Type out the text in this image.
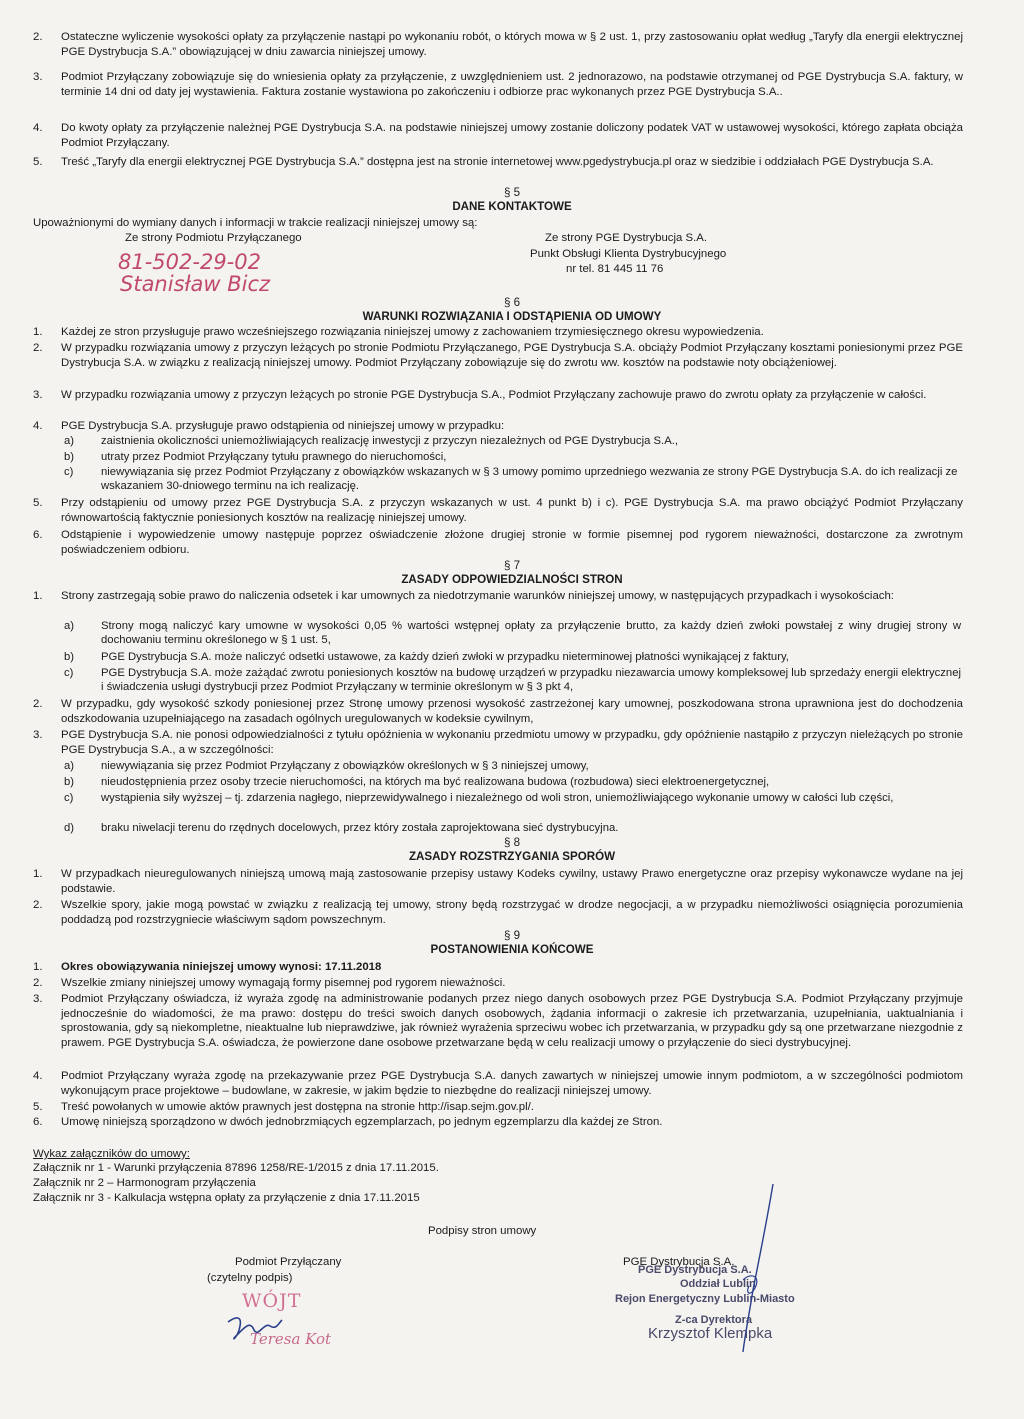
2. Ostateczne wyliczenie wysokości opłaty za przyłączenie nastąpi po wykonaniu robót, o których mowa w § 2 ust. 1, przy zastosowaniu opłat według „Taryfy dla energii elektrycznej PGE Dystrybucja S.A.” obowiązującej w dniu zawarcia niniejszej umowy.
3. Podmiot Przyłączany zobowiązuje się do wniesienia opłaty za przyłączenie, z uwzględnieniem ust. 2 jednorazowo, na podstawie otrzymanej od PGE Dystrybucja S.A. faktury, w terminie 14 dni od daty jej wystawienia. Faktura zostanie wystawiona po zakończeniu i odbiorze prac wykonanych przez PGE Dystrybucja S.A..
4. Do kwoty opłaty za przyłączenie należnej PGE Dystrybucja S.A. na podstawie niniejszej umowy zostanie doliczony podatek VAT w ustawowej wysokości, którego zapłata obciąża Podmiot Przyłączany.
5. Treść „Taryfy dla energii elektrycznej PGE Dystrybucja S.A.” dostępna jest na stronie internetowej www.pgedystrybucja.pl oraz w siedzibie i oddziałach PGE Dystrybucja S.A.
§ 5
DANE KONTAKTOWE
Upoważnionymi do wymiany danych i informacji w trakcie realizacji niniejszej umowy są:
Ze strony Podmiotu Przyłączanego
81-502-29-02
Stanisław Bicz
Ze strony PGE Dystrybucja S.A.
Punkt Obsługi Klienta Dystrybucyjnego
nr tel. 81 445 11 76
§ 6
WARUNKI ROZWIĄZANIA I ODSTĄPIENIA OD UMOWY
1. Każdej ze stron przysługuje prawo wcześniejszego rozwiązania niniejszej umowy z zachowaniem trzymiesięcznego okresu wypowiedzenia.
2. W przypadku rozwiązania umowy z przyczyn leżących po stronie Podmiotu Przyłączanego, PGE Dystrybucja S.A. obciąży Podmiot Przyłączany kosztami poniesionymi przez PGE Dystrybucja S.A. w związku z realizacją niniejszej umowy. Podmiot Przyłączany zobowiązuje się do zwrotu ww. kosztów na podstawie noty obciążeniowej.
3. W przypadku rozwiązania umowy z przyczyn leżących po stronie PGE Dystrybucja S.A., Podmiot Przyłączany zachowuje prawo do zwrotu opłaty za przyłączenie w całości.
4. PGE Dystrybucja S.A. przysługuje prawo odstąpienia od niniejszej umowy w przypadku:
a) zaistnienia okoliczności uniemożliwiających realizację inwestycji z przyczyn niezależnych od PGE Dystrybucja S.A.,
b) utraty przez Podmiot Przyłączany tytułu prawnego do nieruchomości,
c) niewywiązania się przez Podmiot Przyłączany z obowiązków wskazanych w § 3 umowy pomimo uprzedniego wezwania ze strony PGE Dystrybucja S.A. do ich realizacji ze wskazaniem 30-dniowego terminu na ich realizację.
5. Przy odstąpieniu od umowy przez PGE Dystrybucja S.A. z przyczyn wskazanych w ust. 4 punkt b) i c). PGE Dystrybucja S.A. ma prawo obciążyć Podmiot Przyłączany równowartością faktycznie poniesionych kosztów na realizację niniejszej umowy.
6. Odstąpienie i wypowiedzenie umowy następuje poprzez oświadczenie złożone drugiej stronie w formie pisemnej pod rygorem nieważności, dostarczone za zwrotnym poświadczeniem odbioru.
§ 7
ZASADY ODPOWIEDZIALNOŚCI STRON
1. Strony zastrzegają sobie prawo do naliczenia odsetek i kar umownych za niedotrzymanie warunków niniejszej umowy, w następujących przypadkach i wysokościach:
a) Strony mogą naliczyć kary umowne w wysokości 0,05 % wartości wstępnej opłaty za przyłączenie brutto, za każdy dzień zwłoki powstałej z winy drugiej strony w dochowaniu terminu określonego w § 1 ust. 5,
b) PGE Dystrybucja S.A. może naliczyć odsetki ustawowe, za każdy dzień zwłoki w przypadku nieterminowej płatności wynikającej z faktury,
c) PGE Dystrybucja S.A. może zażądać zwrotu poniesionych kosztów na budowę urządzeń w przypadku niezawarcia umowy kompleksowej lub sprzedaży energii elektrycznej i świadczenia usługi dystrybucji przez Podmiot Przyłączany w terminie określonym w § 3 pkt 4,
2. W przypadku, gdy wysokość szkody poniesionej przez Stronę umowy przenosi wysokość zastrzeżonej kary umownej, poszkodowana strona uprawniona jest do dochodzenia odszkodowania uzupełniającego na zasadach ogólnych uregulowanych w kodeksie cywilnym,
3. PGE Dystrybucja S.A. nie ponosi odpowiedzialności z tytułu opóźnienia w wykonaniu przedmiotu umowy w przypadku, gdy opóźnienie nastąpiło z przyczyn nieleżących po stronie PGE Dystrybucja S.A., a w szczególności:
a) niewywiązania się przez Podmiot Przyłączany z obowiązków określonych w § 3 niniejszej umowy,
b) nieudostępnienia przez osoby trzecie nieruchomości, na których ma być realizowana budowa (rozbudowa) sieci elektroenergetycznej,
c) wystąpienia siły wyższej – tj. zdarzenia nagłego, nieprzewidywalnego i niezależnego od woli stron, uniemożliwiającego wykonanie umowy w całości lub części,
d) braku niwelacji terenu do rzędnych docelowych, przez który została zaprojektowana sieć dystrybucyjna.
§ 8
ZASADY ROZSTRZYGANIA SPORÓW
1. W przypadkach nieuregulowanych niniejszą umową mają zastosowanie przepisy ustawy Kodeks cywilny, ustawy Prawo energetyczne oraz przepisy wykonawcze wydane na jej podstawie.
2. Wszelkie spory, jakie mogą powstać w związku z realizacją tej umowy, strony będą rozstrzygać w drodze negocjacji, a w przypadku niemożliwości osiągnięcia porozumienia poddadzą pod rozstrzygniecie właściwym sądom powszechnym.
§ 9
POSTANOWIENIA KOŃCOWE
1. Okres obowiązywania niniejszej umowy wynosi: 17.11.2018
2. Wszelkie zmiany niniejszej umowy wymagają formy pisemnej pod rygorem nieważności.
3. Podmiot Przyłączany oświadcza, iż wyraża zgodę na administrowanie podanych przez niego danych osobowych przez PGE Dystrybucja S.A. Podmiot Przyłączany przyjmuje jednocześnie do wiadomości, że ma prawo: dostępu do treści swoich danych osobowych, żądania informacji o zakresie ich przetwarzania, uzupełniania, uaktualniania i sprostowania, gdy są niekompletne, nieaktualne lub nieprawdziwe, jak również wyrażenia sprzeciwu wobec ich przetwarzania, w przypadku gdy są one przetwarzane niezgodnie z prawem. PGE Dystrybucja S.A. oświadcza, że powierzone dane osobowe przetwarzane będą w celu realizacji umowy o przyłączenie do sieci dystrybucyjnej.
4. Podmiot Przyłączany wyraża zgodę na przekazywanie przez PGE Dystrybucja S.A. danych zawartych w niniejszej umowie innym podmiotom, a w szczególności podmiotom wykonującym prace projektowe – budowlane, w zakresie, w jakim będzie to niezbędne do realizacji niniejszej umowy.
5. Treść powołanych w umowie aktów prawnych jest dostępna na stronie http://isap.sejm.gov.pl/.
6. Umowę niniejszą sporządzono w dwóch jednobrzmiących egzemplarzach, po jednym egzemplarzu dla każdej ze Stron.
Wykaz załączników do umowy:
Załącznik nr 1 - Warunki przyłączenia 87896 1258/RE-1/2015 z dnia 17.11.2015.
Załącznik nr 2 – Harmonogram przyłączenia
Załącznik nr 3 - Kalkulacja wstępna opłaty za przyłączenie z dnia 17.11.2015
Podpisy stron umowy
Podmiot Przyłączany
(czytelny podpis)
WÓJT
Teresa Kot
PGE Dystrybucja S.A.
PGE Dystrybucja S.A.
Oddział Lublin
Rejon Energetyczny Lublin-Miasto
Z-ca Dyrektora
Krzysztof Klempka
